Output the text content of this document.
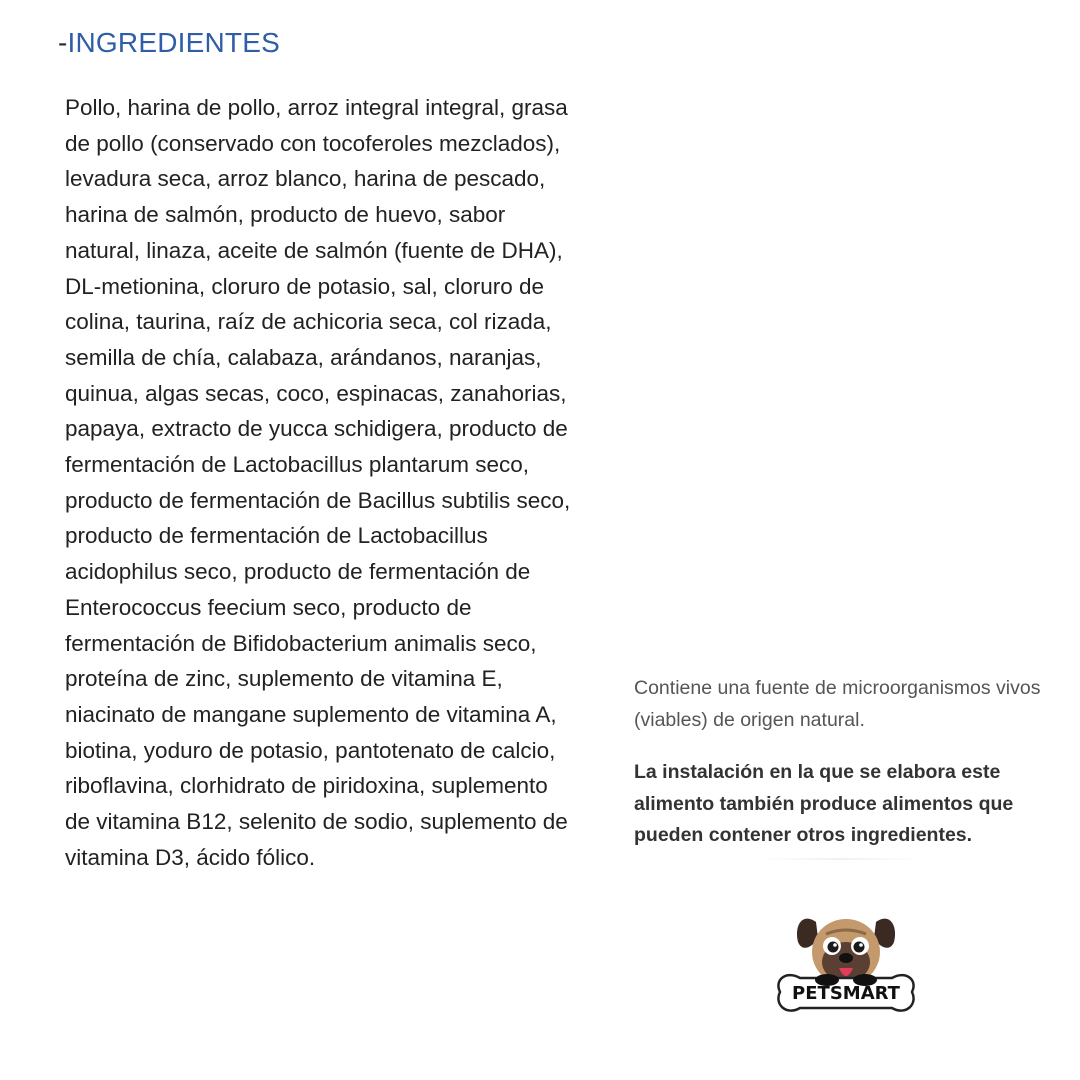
-INGREDIENTES

Pollo, harina de pollo, arroz integral integral, grasa de pollo (conservado con tocoferoles mezclados), levadura seca, arroz blanco, harina de pescado, harina de salmón, producto de huevo, sabor natural, linaza, aceite de salmón (fuente de DHA), DL-metionina, cloruro de potasio, sal, cloruro de colina, taurina, raíz de achicoria seca, col rizada, semilla de chía, calabaza, arándanos, naranjas, quinua, algas secas, coco, espinacas, zanahorias, papaya, extracto de yucca schidigera, producto de fermentación de Lactobacillus plantarum seco, producto de fermentación de Bacillus subtilis seco, producto de fermentación de Lactobacillus acidophilus seco, producto de fermentación de Enterococcus feecium seco, producto de fermentación de Bifidobacterium animalis seco, proteína de zinc, suplemento de vitamina E, niacinato de mangane suplemento de vitamina A, biotina, yoduro de potasio, pantotenato de calcio, riboflavina, clorhidrato de piridoxina, suplemento de vitamina B12, selenito de sodio, suplemento de vitamina D3, ácido fólico.

Contiene una fuente de microorganismos vivos (viables) de origen natural.

La instalación en la que se elabora este alimento también produce alimentos que pueden contener otros ingredientes.

PETSMART
